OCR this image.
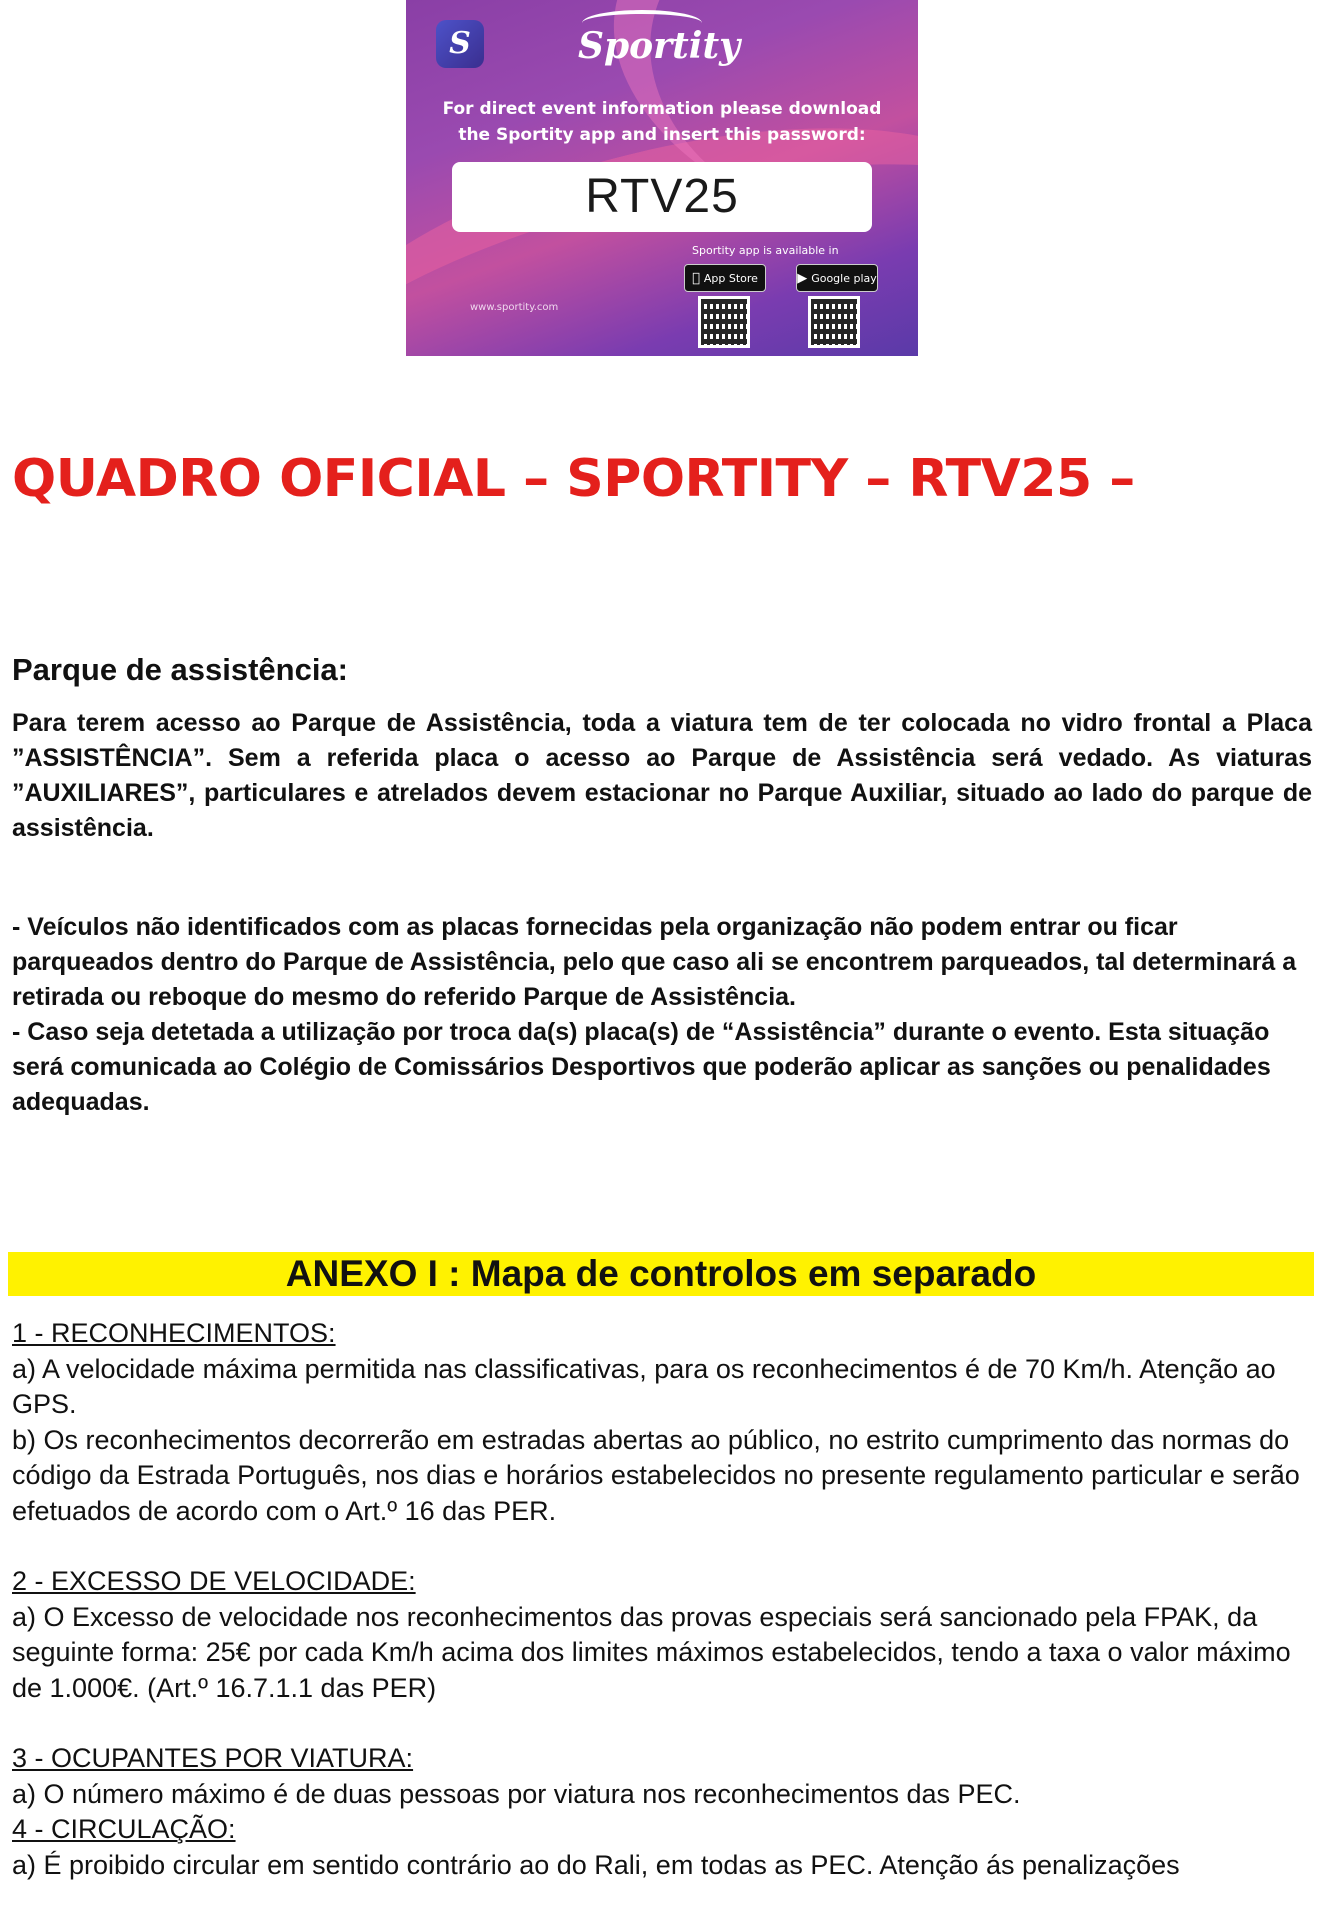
S	Sportity
For direct event information please download
the Sportity app and insert this password:
RTV25
Sportity app is available in
App Store	▶ Google play
www.sportity.com
QUADRO OFICIAL – SPORTITY – RTV25 –
Parque de assistência:

Para terem acesso ao Parque de Assistência, toda a viatura tem de ter colocada no vidro frontal a Placa ”ASSISTÊNCIA”. Sem a referida placa o acesso ao Parque de Assistência será vedado. As viaturas ”AUXILIARES”, particulares e atrelados devem estacionar no Parque Auxiliar, situado ao lado do parque de assistência.

- Veículos não identificados com as placas fornecidas pela organização não podem entrar ou ficar parqueados dentro do Parque de Assistência, pelo que caso ali se encontrem parqueados, tal determinará a retirada ou reboque do mesmo do referido Parque de Assistência.
- Caso seja detetada a utilização por troca da(s) placa(s) de “Assistência” durante o evento. Esta situação será comunicada ao Colégio de Comissários Desportivos que poderão aplicar as sanções ou penalidades adequadas.
ANEXO I : Mapa de controlos em separado
1 - RECONHECIMENTOS:
a) A velocidade máxima permitida nas classificativas, para os reconhecimentos é de 70 Km/h. Atenção ao GPS.
b) Os reconhecimentos decorrerão em estradas abertas ao público, no estrito cumprimento das normas do código da Estrada Português, nos dias e horários estabelecidos no presente regulamento particular e serão efetuados de acordo com o Art.º 16 das PER.
2 - EXCESSO DE VELOCIDADE:
a) O Excesso de velocidade nos reconhecimentos das provas especiais será sancionado pela FPAK, da seguinte forma: 25€ por cada Km/h acima dos limites máximos estabelecidos, tendo a taxa o valor máximo de 1.000€. (Art.º 16.7.1.1 das PER)
3 - OCUPANTES POR VIATURA:
a) O número máximo é de duas pessoas por viatura nos reconhecimentos das PEC.
4 - CIRCULAÇÃO:
a) É proibido circular em sentido contrário ao do Rali, em todas as PEC. Atenção ás penalizações
